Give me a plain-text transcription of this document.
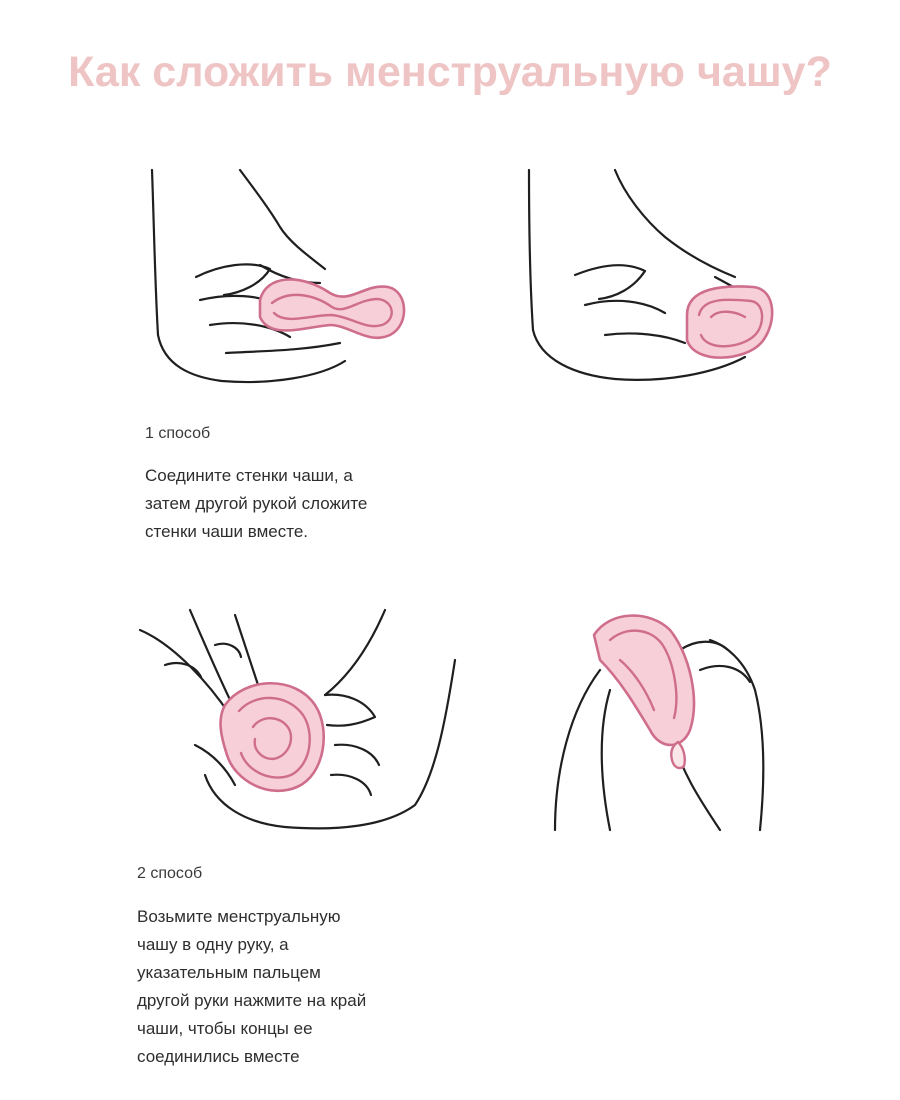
Как сложить менструальную чашу?
1 способ
Соедините стенки чаши, а
затем другой рукой сложите
стенки чаши вместе.
2 способ
Возьмите менструальную
чашу в одну руку, а
указательным пальцем
другой руки нажмите на край
чаши, чтобы концы ее
соединились вместе
